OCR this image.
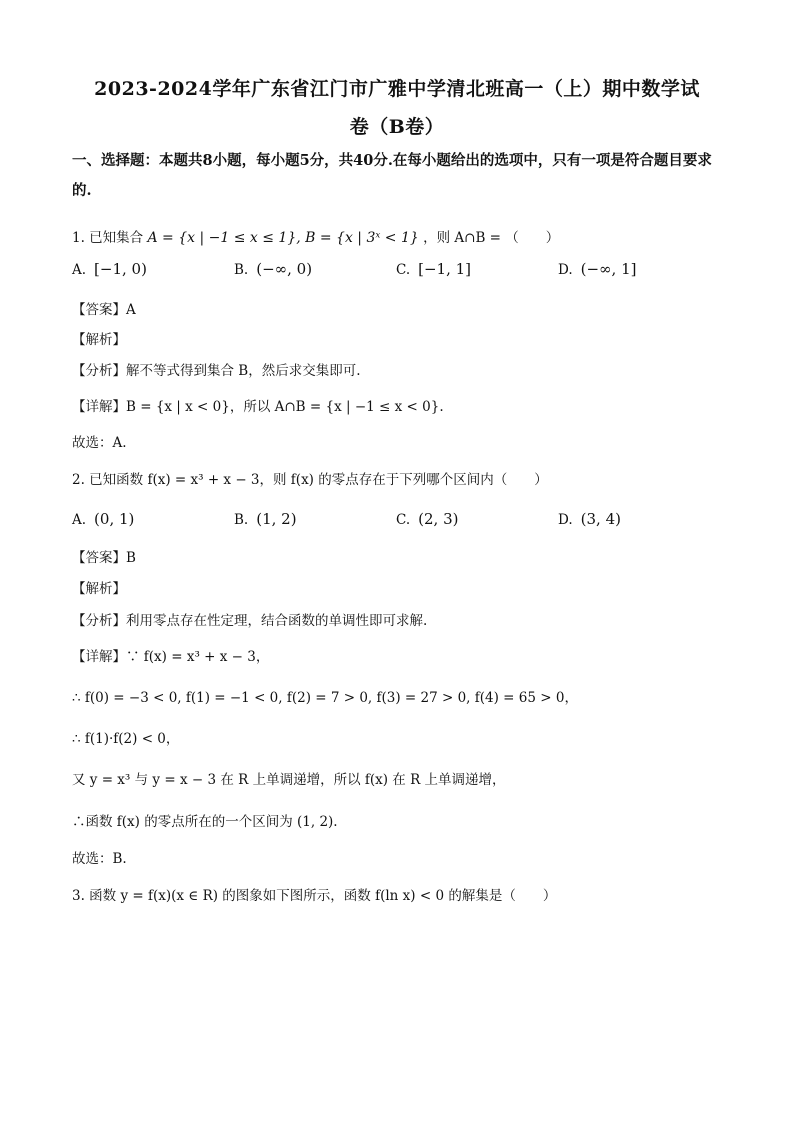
2023-2024学年广东省江门市广雅中学清北班高一（上）期中数学试
卷（B卷）
一、选择题：本题共8小题，每小题5分，共40分.在每小题给出的选项中，只有一项是符合题目要求的.
1. 已知集合 A = {x | −1 ≤ x ≤ 1}, B = {x | 3ˣ < 1} ，则 A∩B = （　　）
A. [−1, 0)	B. (−∞, 0)	C. [−1, 1]	D. (−∞, 1]
【答案】A
【解析】
【分析】解不等式得到集合 B，然后求交集即可.
【详解】B = {x | x < 0}，所以 A∩B = {x | −1 ≤ x < 0}.
故选：A.
2. 已知函数 f(x) = x³ + x − 3，则 f(x) 的零点存在于下列哪个区间内（　　）
A. (0, 1)	B. (1, 2)	C. (2, 3)	D. (3, 4)
【答案】B
【解析】
【分析】利用零点存在性定理，结合函数的单调性即可求解.
【详解】∵ f(x) = x³ + x − 3，
∴ f(0) = −3 < 0, f(1) = −1 < 0, f(2) = 7 > 0, f(3) = 27 > 0, f(4) = 65 > 0，
∴ f(1)·f(2) < 0，
又 y = x³ 与 y = x − 3 在 R 上单调递增，所以 f(x) 在 R 上单调递增，
∴函数 f(x) 的零点所在的一个区间为 (1, 2).
故选：B.
3. 函数 y = f(x)(x ∈ R) 的图象如下图所示，函数 f(ln x) < 0 的解集是（　　）
